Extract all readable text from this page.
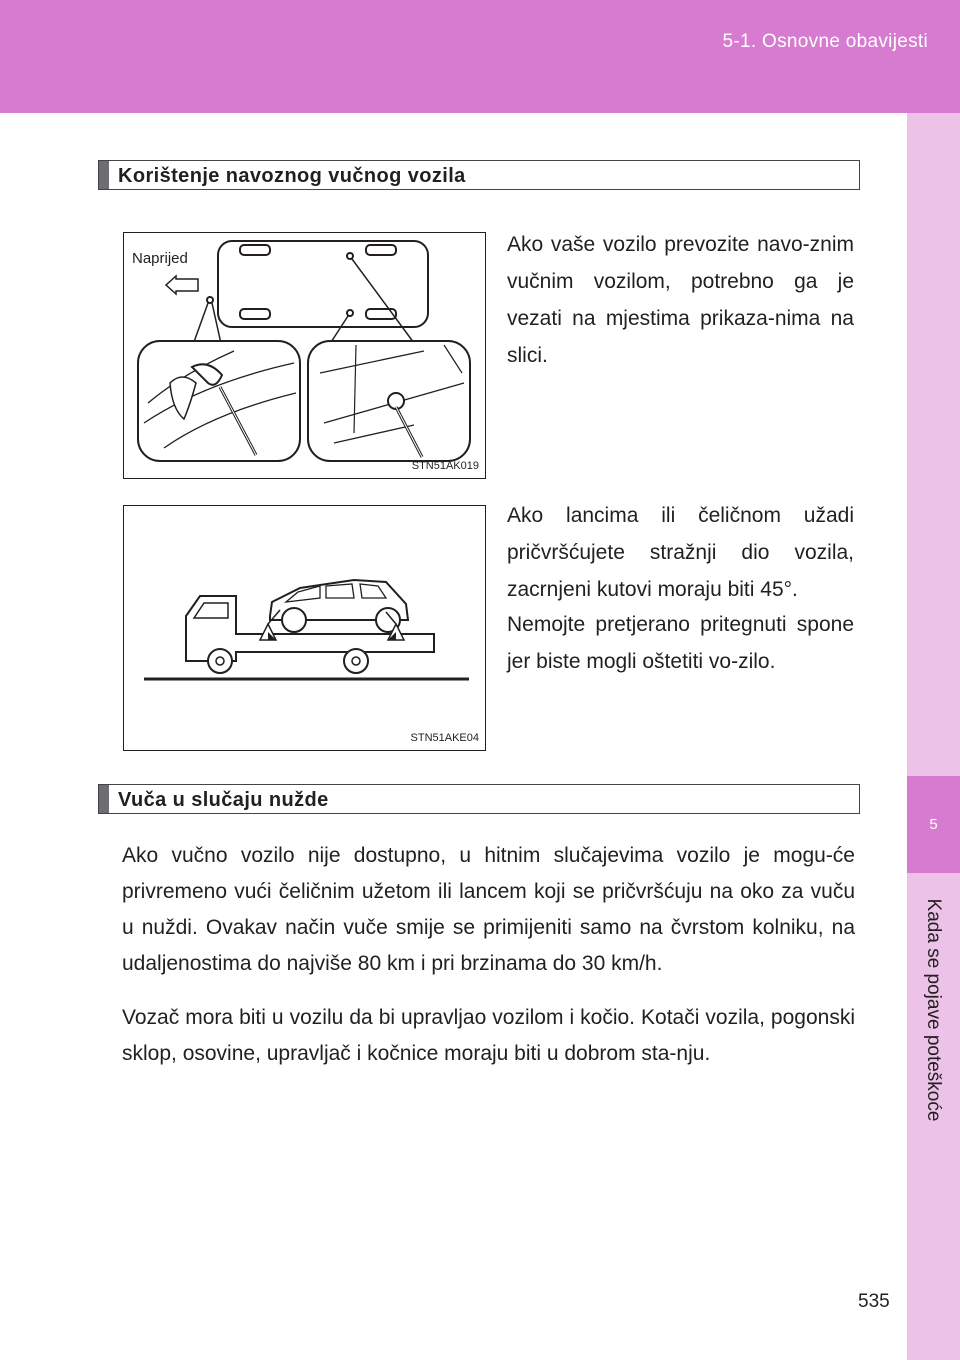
5-1. Osnovne obavijesti
5
Kada se pojave poteškoće
Korištenje navoznog vučnog vozila
Naprijed
STN51AK019

Ako vaše vozilo prevozite navo-znim vučnim vozilom, potrebno ga je vezati na mjestima prikaza-nima na slici.

STN51AKE04

Ako lancima ili čeličnom užadi pričvršćujete stražnji dio vozila, zacrnjeni kutovi moraju biti 45°.

Nemojte pretjerano pritegnuti spone jer biste mogli oštetiti vo-zilo.

Vuča u slučaju nužde

Ako vučno vozilo nije dostupno, u hitnim slučajevima vozilo je mogu-će privremeno vući čeličnim užetom ili lancem koji se pričvršćuju na oko za vuču u nuždi. Ovakav način vuče smije se primijeniti samo na čvrstom kolniku, na udaljenostima do najviše 80 km i pri brzinama do 30 km/h.

Vozač mora biti u vozilu da bi upravljao vozilom i kočio. Kotači vozila, pogonski sklop, osovine, upravljač i kočnice moraju biti u dobrom sta-nju.

535
